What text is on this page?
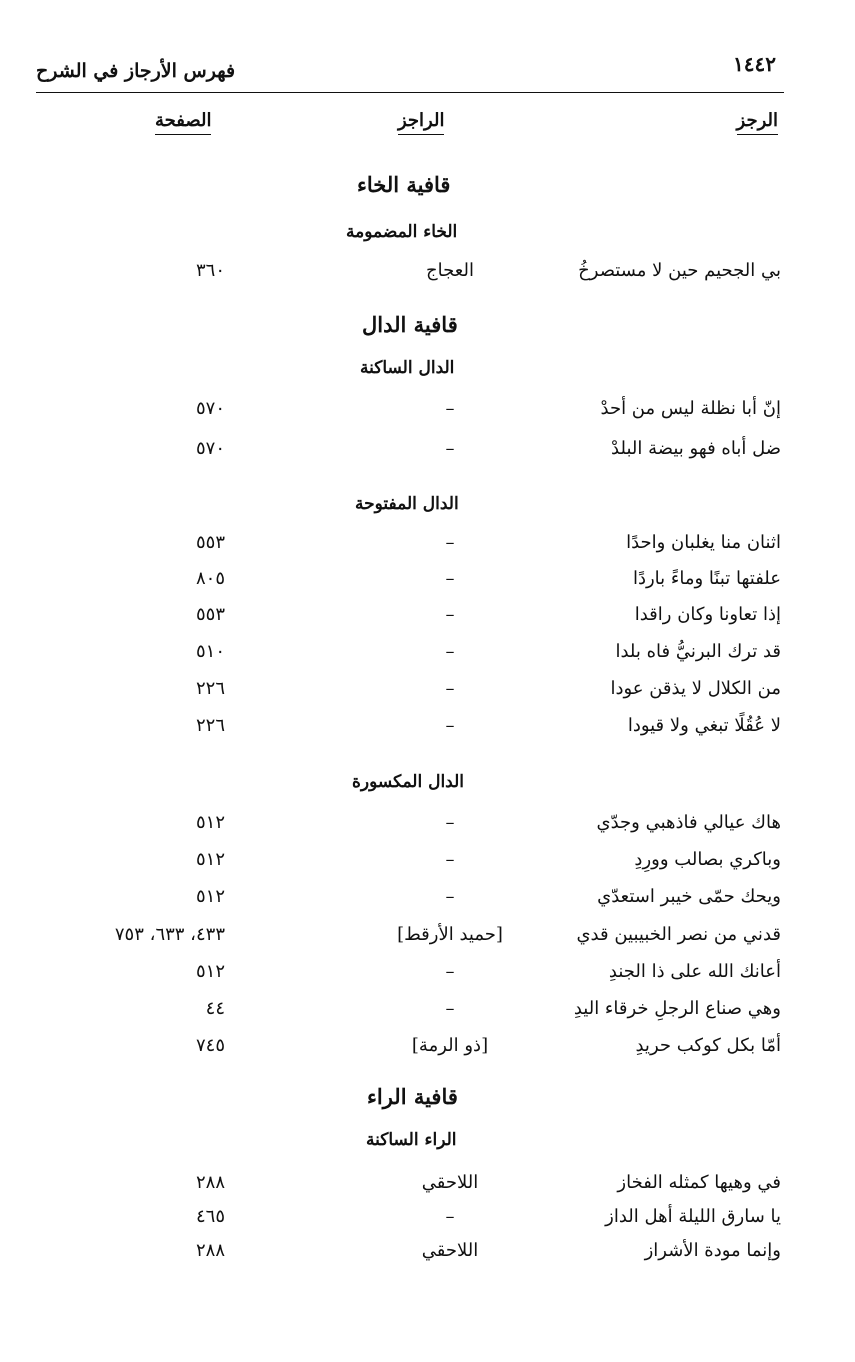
١٤٤٢
فهرس الأرجاز في الشرح
الرجز
الراجز
الصفحة
قافية الخاء
الخاء المضمومة
بي الجحيم حين لا مستصرخُ
العجاج
٣٦٠
قافية الدال
الدال الساكنة
إنّ أبا نظلة ليس من أحدْ
–
٥٧٠
ضل أباه فهو بيضة البلدْ
–
٥٧٠
الدال المفتوحة
اثنان منا يغلبان واحدًا
–
٥٥٣
علفتها تبنًا وماءً باردًا
–
٨٠٥
إذا تعاونا وكان راقدا
–
٥٥٣
قد ترك البرنيُّ فاه بلدا
–
٥١٠
من الكلال لا يذقن عودا
–
٢٢٦
لا عُقُلًا تبغي ولا قيودا
–
٢٢٦
الدال المكسورة
هاك عيالي فاذهبي وجدّي
–
٥١٢
وباكري بصالب وورِدِ
–
٥١٢
ويحك حمّى خيبر استعدّي
–
٥١٢
قدني من نصر الخبيبين قدي
[حميد الأرقط]
٤٣٣، ٦٣٣، ٧٥٣
أعانك الله على ذا الجندِ
–
٥١٢
وهي صناع الرجلِ خرقاء اليدِ
–
٤٤
أمّا بكل كوكب حريدِ
[ذو الرمة]
٧٤٥
قافية الراء
الراء الساكنة
في وهيها كمثله الفخاز
اللاحقي
٢٨٨
يا سارق الليلة أهل الداز
–
٤٦٥
وإنما مودة الأشراز
اللاحقي
٢٨٨
